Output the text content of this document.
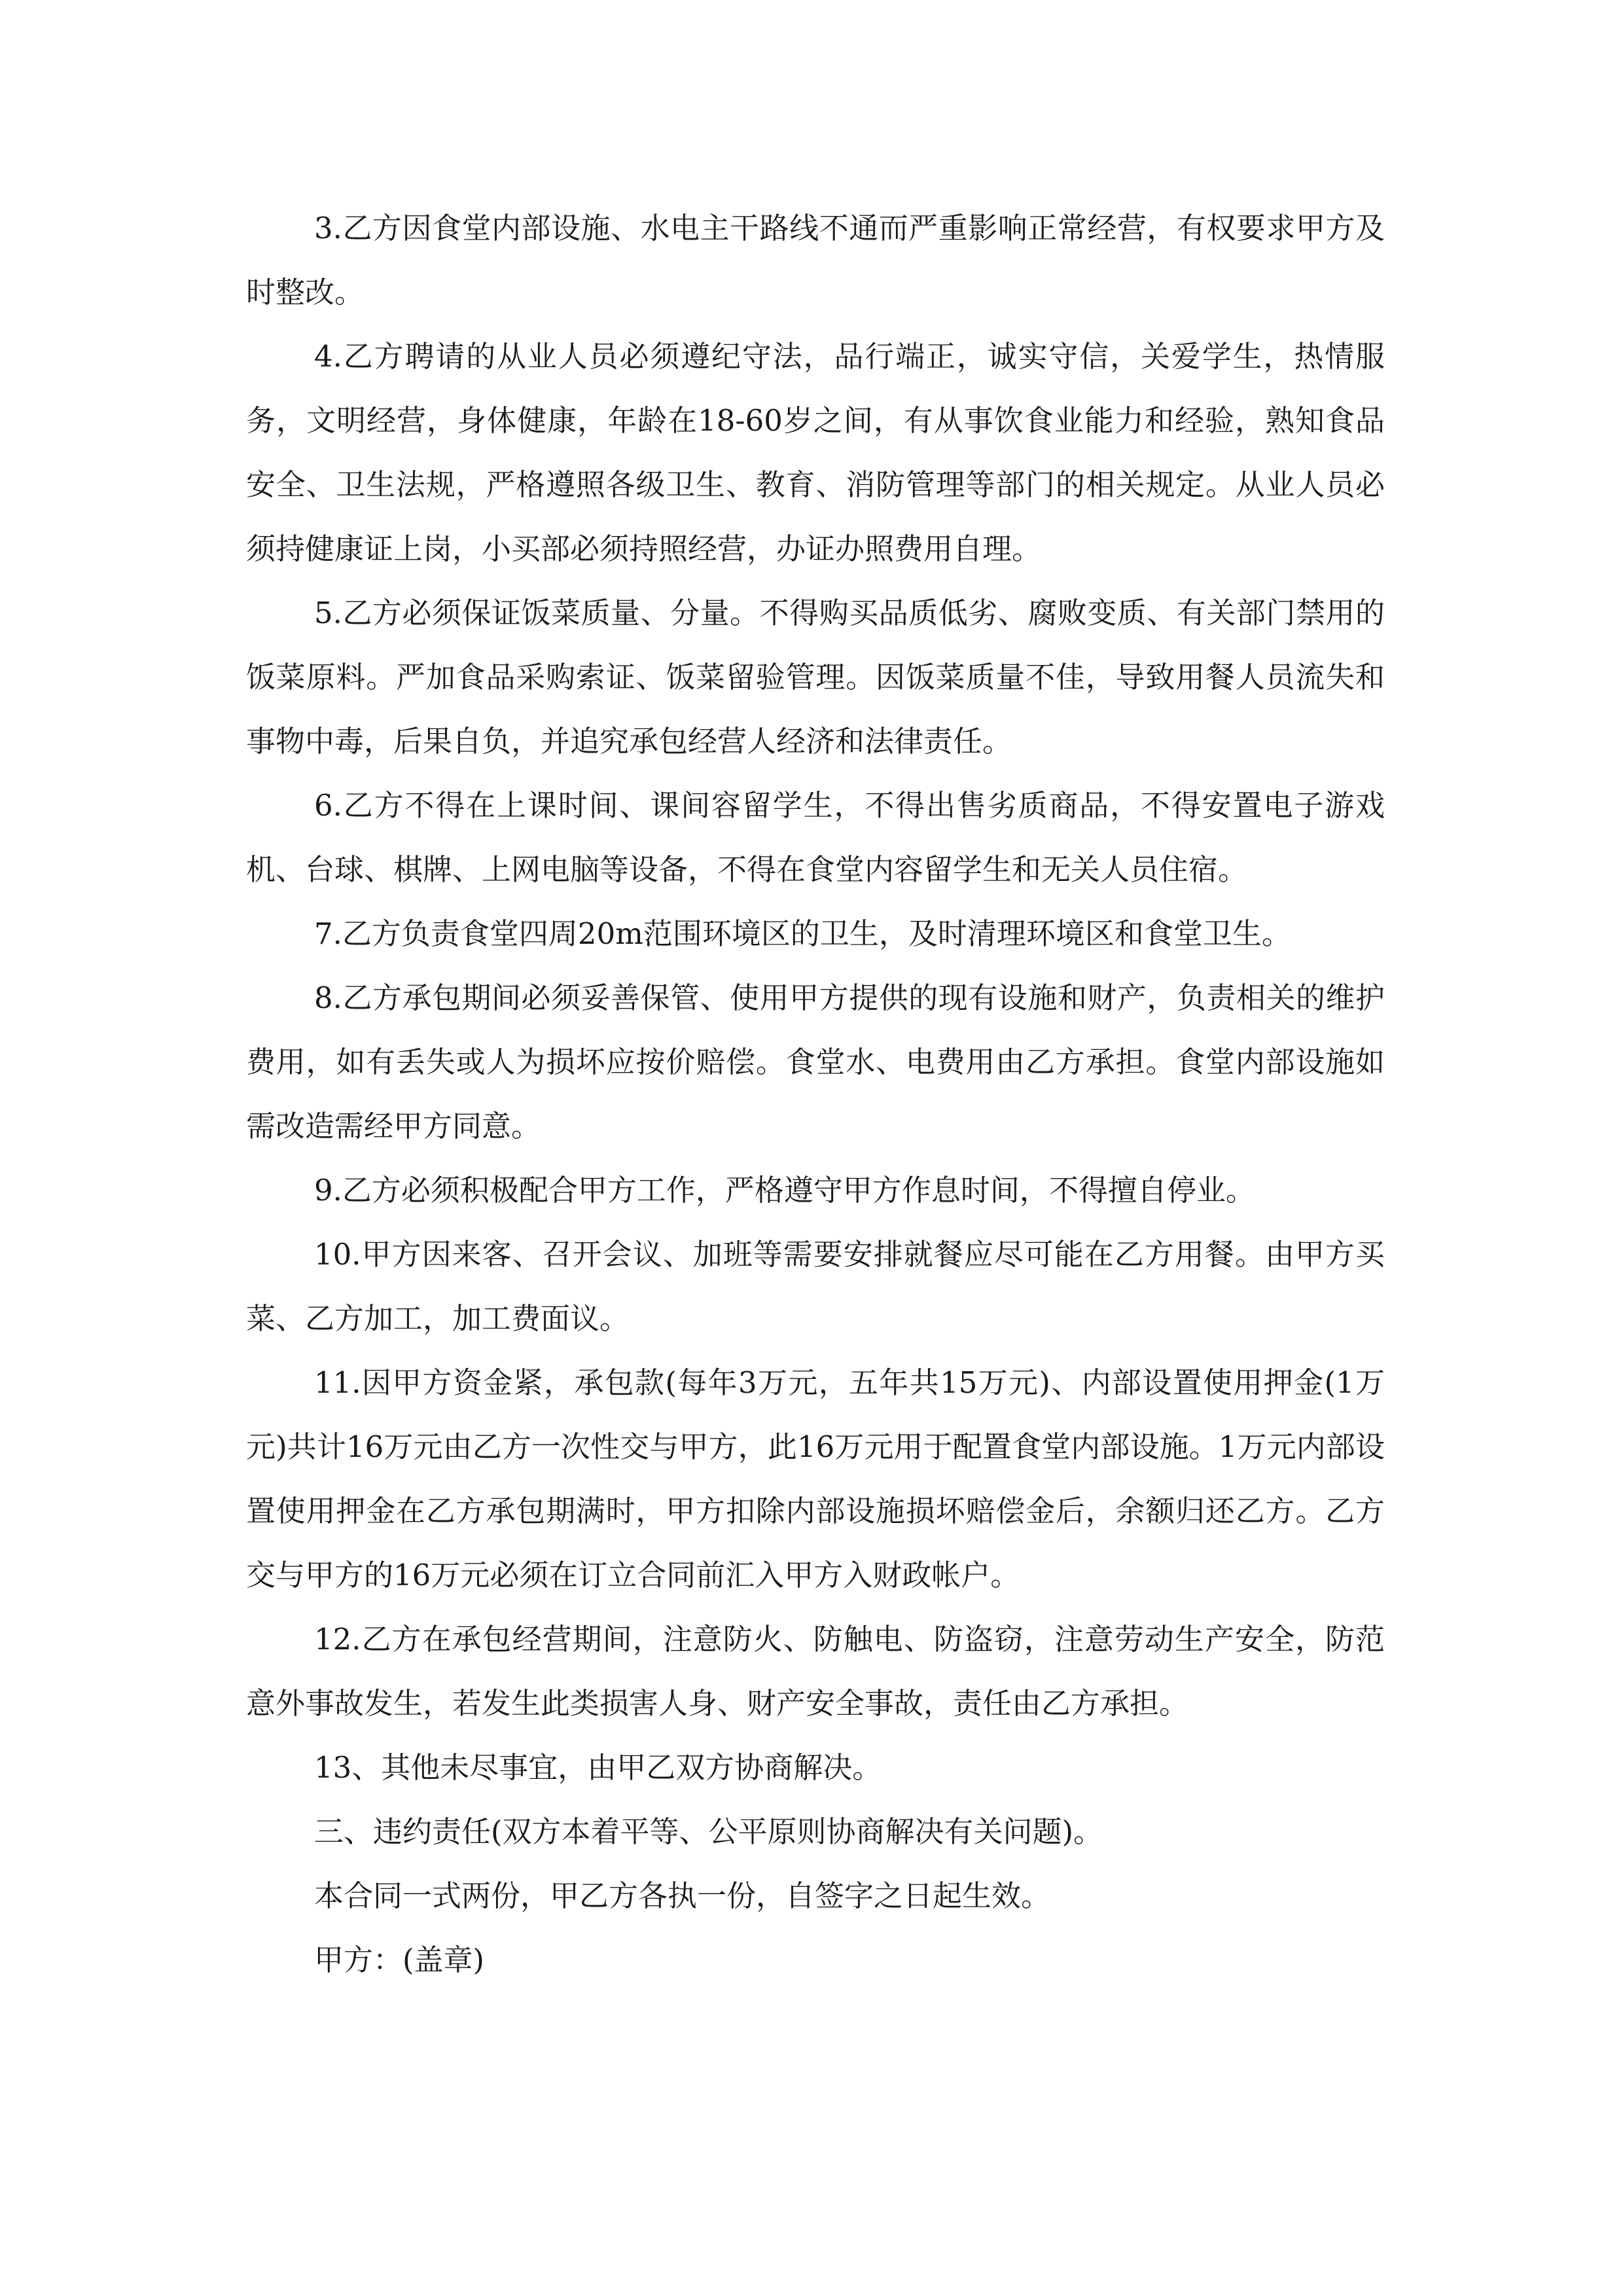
3.乙方因食堂内部设施、水电主干路线不通而严重影响正常经营，有权要求甲方及时整改。

4.乙方聘请的从业人员必须遵纪守法，品行端正，诚实守信，关爱学生，热情服务，文明经营，身体健康，年龄在18-60岁之间，有从事饮食业能力和经验，熟知食品安全、卫生法规，严格遵照各级卫生、教育、消防管理等部门的相关规定。从业人员必须持健康证上岗，小买部必须持照经营，办证办照费用自理。

5.乙方必须保证饭菜质量、分量。不得购买品质低劣、腐败变质、有关部门禁用的饭菜原料。严加食品采购索证、饭菜留验管理。因饭菜质量不佳，导致用餐人员流失和事物中毒，后果自负，并追究承包经营人经济和法律责任。

6.乙方不得在上课时间、课间容留学生，不得出售劣质商品，不得安置电子游戏机、台球、棋牌、上网电脑等设备，不得在食堂内容留学生和无关人员住宿。

7.乙方负责食堂四周20m范围环境区的卫生，及时清理环境区和食堂卫生。

8.乙方承包期间必须妥善保管、使用甲方提供的现有设施和财产，负责相关的维护费用，如有丢失或人为损坏应按价赔偿。食堂水、电费用由乙方承担。食堂内部设施如需改造需经甲方同意。

9.乙方必须积极配合甲方工作，严格遵守甲方作息时间，不得擅自停业。

10.甲方因来客、召开会议、加班等需要安排就餐应尽可能在乙方用餐。由甲方买菜、乙方加工，加工费面议。

11.因甲方资金紧，承包款(每年3万元，五年共15万元)、内部设置使用押金(1万元)共计16万元由乙方一次性交与甲方，此16万元用于配置食堂内部设施。1万元内部设置使用押金在乙方承包期满时，甲方扣除内部设施损坏赔偿金后，余额归还乙方。乙方交与甲方的16万元必须在订立合同前汇入甲方入财政帐户。

12.乙方在承包经营期间，注意防火、防触电、防盗窃，注意劳动生产安全，防范意外事故发生，若发生此类损害人身、财产安全事故，责任由乙方承担。

13、其他未尽事宜，由甲乙双方协商解决。

三、违约责任(双方本着平等、公平原则协商解决有关问题)。

本合同一式两份，甲乙方各执一份，自签字之日起生效。

甲方：(盖章)
